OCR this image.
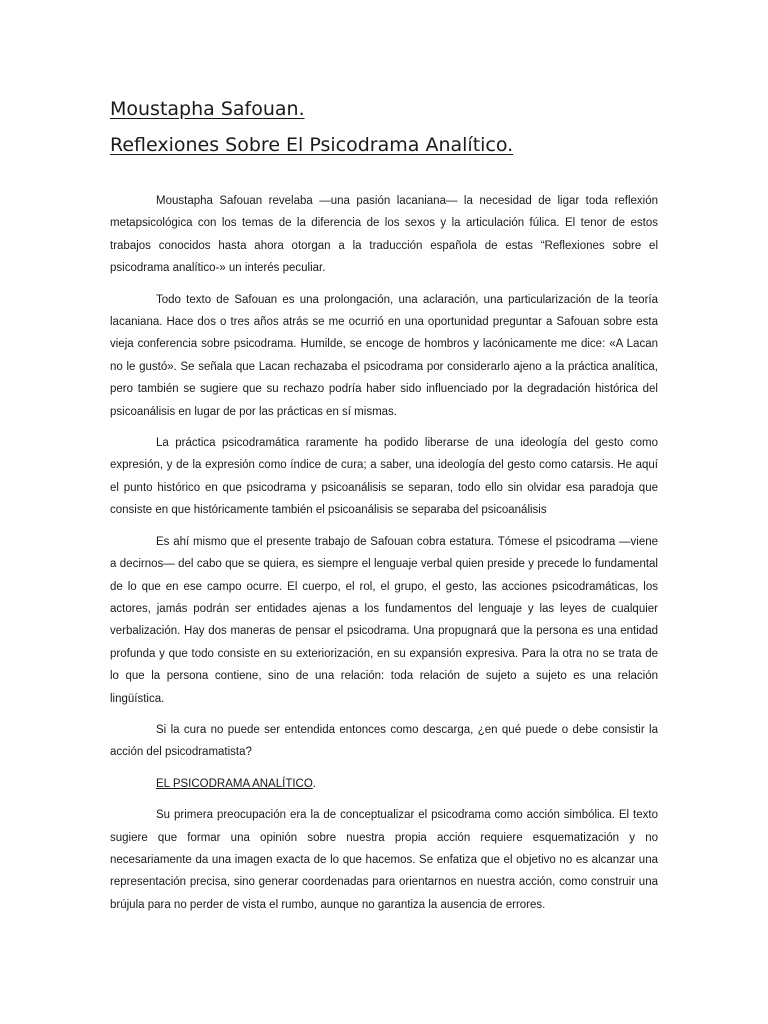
Moustapha Safouan.
Reflexiones Sobre El Psicodrama Analítico.

Moustapha Safouan revelaba —una pasión lacaniana— la necesidad de ligar toda reflexión metapsicológica con los temas de la diferencia de los sexos y la articulación fúlica. El tenor de estos trabajos conocidos hasta ahora otorgan a la traducción española de estas “Reflexiones sobre el psicodrama analítico-» un interés peculiar.

Todo texto de Safouan es una prolongación, una aclaración, una particularización de la teoría lacaniana. Hace dos o tres años atrás se me ocurrió en una oportunidad preguntar a Safouan sobre esta vieja conferencia sobre psicodrama. Humilde, se encoge de hombros y lacónicamente me dice: «A Lacan no le gustó». Se señala que Lacan rechazaba el psicodrama por considerarlo ajeno a la práctica analítica, pero también se sugiere que su rechazo podría haber sido influenciado por la degradación histórica del psicoanálisis en lugar de por las prácticas en sí mismas.

La práctica psicodramática raramente ha podido liberarse de una ideología del gesto como expresión, y de la expresión como índice de cura; a saber, una ideología del gesto como catarsis. He aquí el punto histórico en que psicodrama y psicoanálisis se separan, todo ello sin olvidar esa paradoja que consiste en que históricamente también el psicoanálisis se separaba del psicoanálisis

Es ahí mismo que el presente trabajo de Safouan cobra estatura. Tómese el psicodrama —viene a decirnos— del cabo que se quiera, es siempre el lenguaje verbal quien preside y precede lo fundamental de lo que en ese campo ocurre. El cuerpo, el rol, el grupo, el gesto, las acciones psicodramáticas, los actores, jamás podrán ser entidades ajenas a los fundamentos del lenguaje y las leyes de cualquier verbalización. Hay dos maneras de pensar el psicodrama. Una propugnará que la persona es una entidad profunda y que todo consiste en su exteriorización, en su expansión expresiva. Para la otra no se trata de lo que la persona contiene, sino de una relación: toda relación de sujeto a sujeto es una relación lingüística.

Si la cura no puede ser entendida entonces como descarga, ¿en qué puede o debe consistir la acción del psicodramatista?

EL PSICODRAMA ANALÍTICO.

Su primera preocupación era la de conceptualizar el psicodrama como acción simbólica. El texto sugiere que formar una opinión sobre nuestra propia acción requiere esquematización y no necesariamente da una imagen exacta de lo que hacemos. Se enfatiza que el objetivo no es alcanzar una representación precisa, sino generar coordenadas para orientarnos en nuestra acción, como construir una brújula para no perder de vista el rumbo, aunque no garantiza la ausencia de errores.
